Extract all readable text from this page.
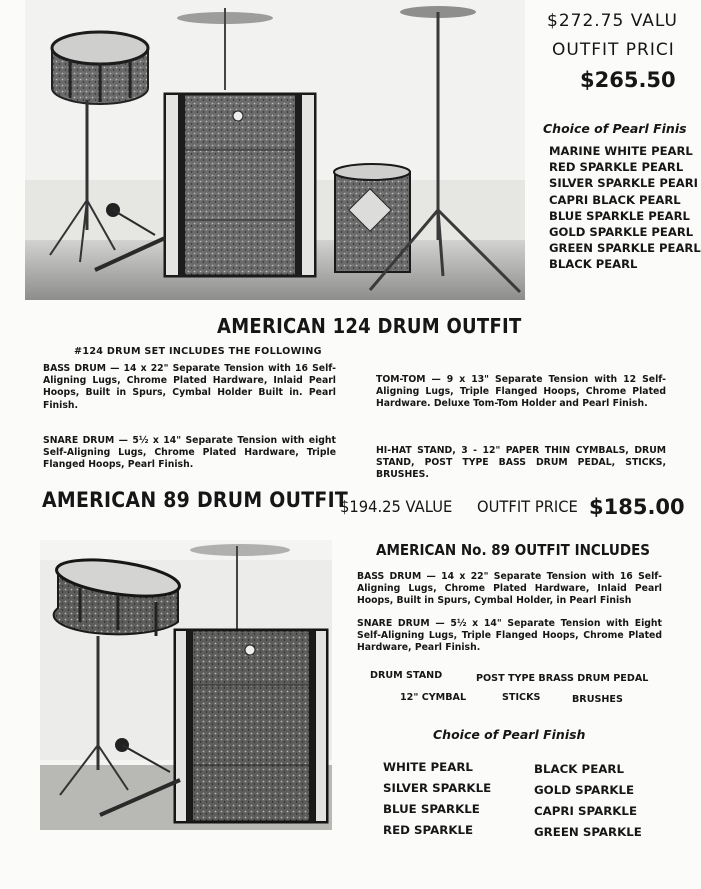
$272.75 VALU
OUTFIT PRICI
$265.50
Choice of Pearl Finis
MARINE WHITE PEARL
RED SPARKLE PEARL
SILVER SPARKLE PEARI
CAPRI BLACK PEARL
BLUE SPARKLE PEARL
GOLD SPARKLE PEARL
GREEN SPARKLE PEARL
BLACK PEARL
AMERICAN 124 DRUM OUTFIT
#124 DRUM SET INCLUDES THE FOLLOWING
BASS DRUM — 14 x 22" Separate Tension with 16 Self-Aligning Lugs, Chrome Plated Hardware, Inlaid Pearl Hoops, Built in Spurs, Cymbal Holder Built in. Pearl Finish.
TOM-TOM — 9 x 13" Separate Tension with 12 Self-Aligning Lugs, Triple Flanged Hoops, Chrome Plated Hardware. Deluxe Tom-Tom Holder and Pearl Finish.
SNARE DRUM — 5½ x 14" Separate Tension with eight Self-Aligning Lugs, Chrome Plated Hardware, Triple Flanged Hoops, Pearl Finish.
HI-HAT STAND, 3 - 12" PAPER THIN CYMBALS, DRUM STAND, POST TYPE BASS DRUM PEDAL, STICKS, BRUSHES.
AMERICAN 89 DRUM OUTFIT
$194.25 VALUE OUTFIT PRICE $185.00
AMERICAN No. 89 OUTFIT INCLUDES
BASS DRUM — 14 x 22" Separate Tension with 16 Self-Aligning Lugs, Chrome Plated Hardware, Inlaid Pearl Hoops, Built in Spurs, Cymbal Holder, in Pearl Finish
SNARE DRUM — 5½ x 14" Separate Tension with Eight Self-Aligning Lugs, Triple Flanged Hoops, Chrome Plated Hardware, Pearl Finish.
DRUM STAND	POST TYPE BRASS DRUM PEDAL
12" CYMBAL	STICKS	BRUSHES
Choice of Pearl Finish
WHITE PEARL
SILVER SPARKLE
BLUE SPARKLE
RED SPARKLE
BLACK PEARL
GOLD SPARKLE
CAPRI SPARKLE
GREEN SPARKLE
